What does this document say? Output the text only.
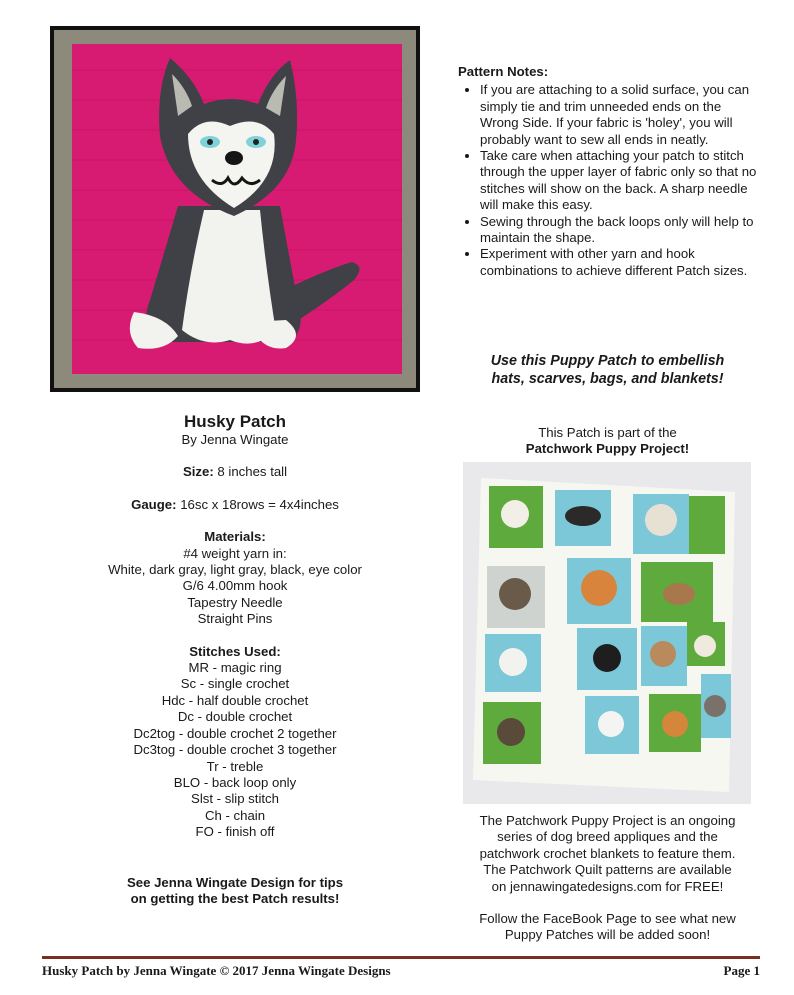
Husky Patch
By Jenna Wingate
Size: 8 inches tall
Gauge: 16sc x 18rows = 4x4inches
Materials:
#4 weight yarn in:
White, dark gray, light gray, black, eye color
G/6 4.00mm hook
Tapestry Needle
Straight Pins
Stitches Used:
MR - magic ring
Sc - single crochet
Hdc - half double crochet
Dc - double crochet
Dc2tog - double crochet 2 together
Dc3tog - double crochet 3 together
Tr - treble
BLO - back loop only
Slst - slip stitch
Ch - chain
FO - finish off
See Jenna Wingate Design for tips
on getting the best Patch results!
Pattern Notes:
• If you are attaching to a solid surface, you can simply tie and trim unneeded ends on the Wrong Side. If your fabric is 'holey', you will probably want to sew all ends in neatly.
• Take care when attaching your patch to stitch through the upper layer of fabric only so that no stitches will show on the back. A sharp needle will make this easy.
• Sewing through the back loops only will help to maintain the shape.
• Experiment with other yarn and hook combinations to achieve different Patch sizes.
Use this Puppy Patch to embellish
hats, scarves, bags, and blankets!
This Patch is part of the
Patchwork Puppy Project!
The Patchwork Puppy Project is an ongoing
series of dog breed appliques and the
patchwork crochet blankets to feature them.
The Patchwork Quilt patterns are available
on jennawingatedesigns.com for FREE!
Follow the FaceBook Page to see what new
Puppy Patches will be added soon!
Husky Patch by Jenna Wingate © 2017 Jenna Wingate Designs	Page 1
